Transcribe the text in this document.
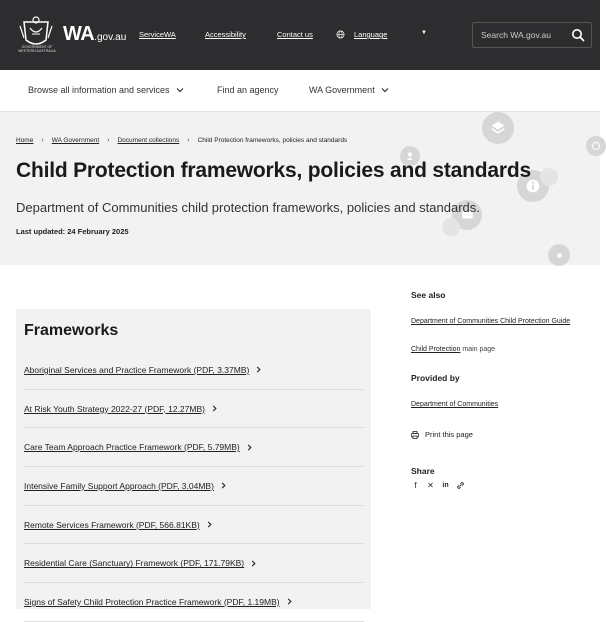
GOVERNMENT OF WESTERN AUSTRALIA
WA.gov.au ServiceWA	Accessibility	Contact us	Language	▼
Search WA.gov.au
Browse all information and services	Find an agency	WA Government
Home › WA Government › Document collections › Child Protection frameworks, policies and standards
Child Protection frameworks, policies and standards

Department of Communities child protection frameworks, policies and standards.

Last updated: 24 February 2025

Frameworks
Aboriginal Services and Practice Framework (PDF, 3.37MB)
At Risk Youth Strategy 2022-27 (PDF, 12.27MB)
Care Team Approach Practice Framework (PDF, 5.79MB)
Intensive Family Support Approach (PDF, 3.04MB)
Remote Services Framework (PDF, 566.81KB)
Residential Care (Sanctuary) Framework (PDF, 171.79KB)
Signs of Safety Child Protection Practice Framework (PDF, 1.19MB)
See also
Department of Communities Child Protection Guide
Child Protection main page
Provided by
Department of Communities
Print this page
Share
f	✕ in
